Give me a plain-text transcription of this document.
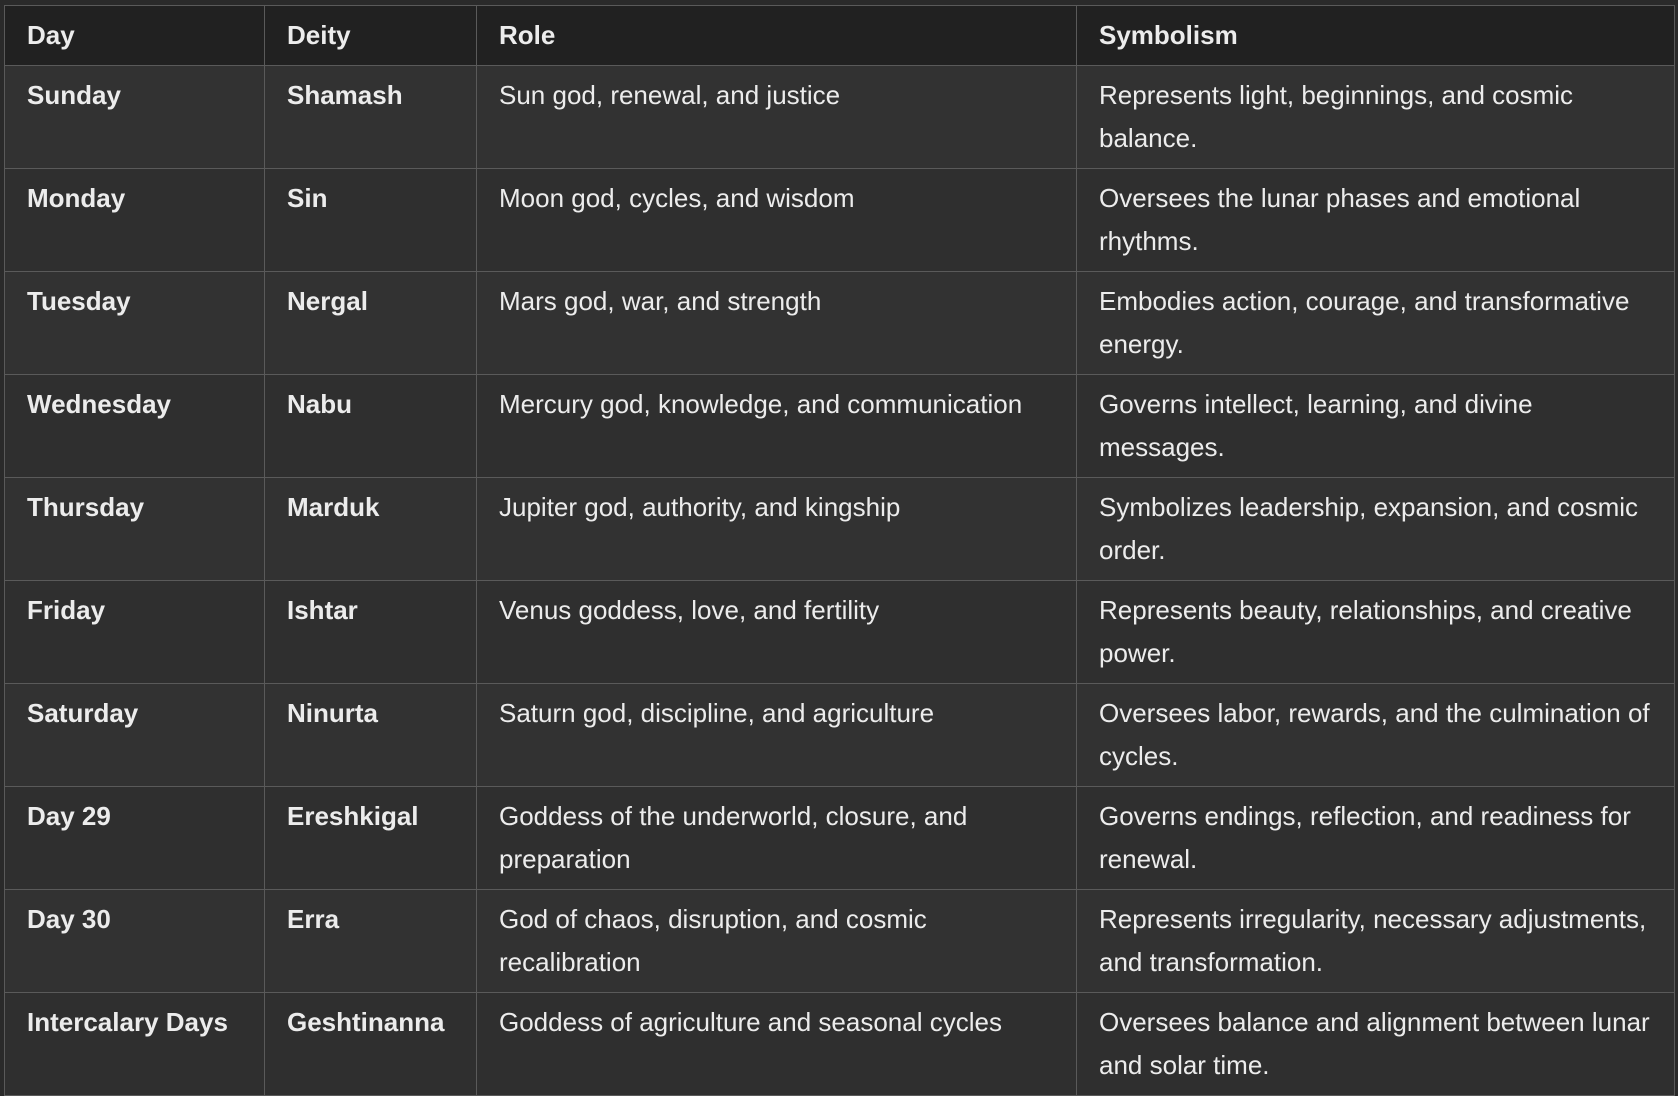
Day	Deity	Role	Symbolism
Sunday	Shamash	Sun god, renewal, and justice	Represents light, beginnings, and cosmic balance.
Monday	Sin	Moon god, cycles, and wisdom	Oversees the lunar phases and emotional rhythms.
Tuesday	Nergal	Mars god, war, and strength	Embodies action, courage, and transformative energy.
Wednesday	Nabu	Mercury god, knowledge, and communication	Governs intellect, learning, and divine messages.
Thursday	Marduk	Jupiter god, authority, and kingship	Symbolizes leadership, expansion, and cosmic order.
Friday	Ishtar	Venus goddess, love, and fertility	Represents beauty, relationships, and creative power.
Saturday	Ninurta	Saturn god, discipline, and agriculture	Oversees labor, rewards, and the culmination of cycles.
Day 29	Ereshkigal	Goddess of the underworld, closure, and preparation	Governs endings, reflection, and readiness for renewal.
Day 30	Erra	God of chaos, disruption, and cosmic recalibration	Represents irregularity, necessary adjustments, and transformation.
Intercalary Days	Geshtinanna	Goddess of agriculture and seasonal cycles	Oversees balance and alignment between lunar and solar time.
